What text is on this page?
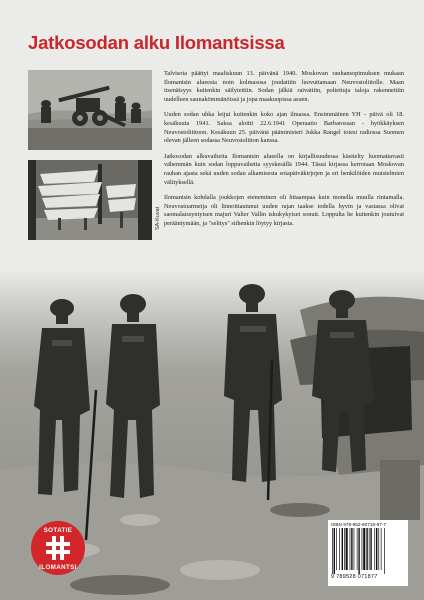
Jatkosodan alku Ilomantsissa
SA-Kuvat

Talvisota päättyi maaliskuun 13. päivänä 1940. Moskovan rauhansopimuksen mukaan Ilomantsin alueesta noin kolmasosa joudattiin luovuttamaan Neuvostoliitolle. Maan itsenäisyys kuitenkin säilytettiin. Sodan jälkiä raivattiin, poltettuja taloja rakennettiin uudelleen saunakömmänöissä ja jopa maakuopissa asuen.

Uuden sodan uhka leijui kuitenkin koko ajan ilmassa. Ensimmäinen YH - päivä oli 18. kesäkuuta 1941. Saksa aloitti 22.6.1941 Operaatio Barbarossan - hyökkäyksen Neuvostoliittoon. Kesäkuun 25. päivänä pääministeri Jukka Rangel totesi radiossa Suomen olevan jälleen sodassa Neuvostoliiton kanssa.

Jatkosodan alkuvaiheita Ilomantsin alueella on kirjallisuudessa käsitelty huomattavasti vähemmän kuin sodan loppuvaihetta syyskesällä 1944. Tässä kirjassa kerrotaan Moskovan rauhan ajasta sekä uuden sodan alkamisesta sotapäiväkirjojen ja eri henkilöiden muistelmien välityksellä.

Ilomantsin kohdalla joukkojen eteneminen oli hitaampaa kuin monella muulla rintamalla. Neuvostoarmeija oli linnoittautunut uuden rajan taakse todella hyvin ja vastassa olivat saomalaissyntyisen majuri Valter Vallin iskukykyiset sonutt. Loppulta he kuitenkin joutuivat perääntymään, ja "selitys" siihenkin löytyy kirjasta.

SOTATIE
ILOMANTSI
ISBN 978-952-80718-87-7
9 789528 071877
